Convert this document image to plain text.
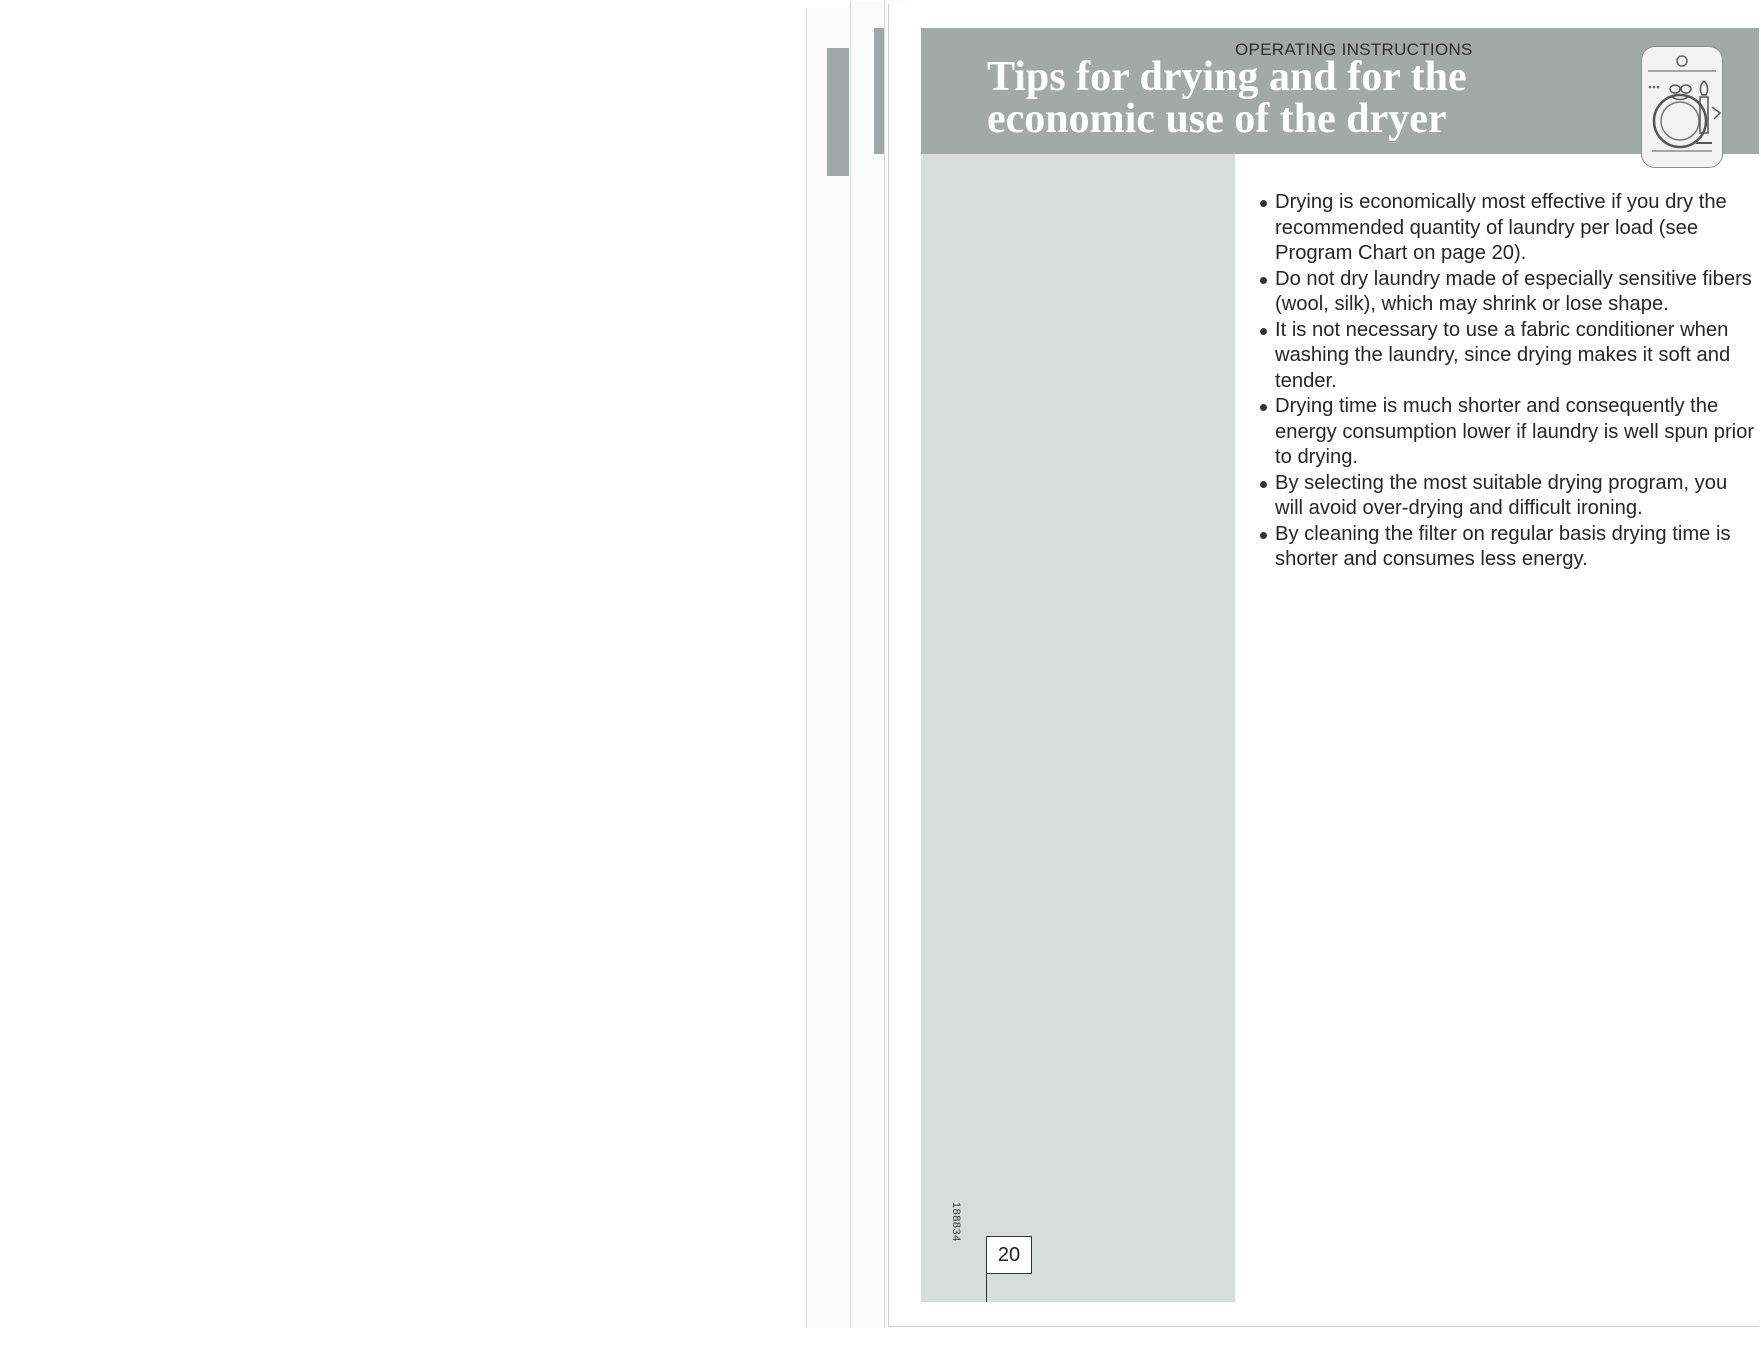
OPERATING INSTRUCTIONS
Tips for drying and for the economic use of the dryer
188834
20
Drying is economically most effective if you dry the recommended quantity of laundry per load (see Program Chart on page 20).
Do not dry laundry made of especially sensitive fibers (wool, silk), which may shrink or lose shape.
It is not necessary to use a fabric conditioner when washing the laundry, since drying makes it soft and tender.
Drying time is much shorter and consequently the energy consumption lower if laundry is well spun prior to drying.
By selecting the most suitable drying program, you will avoid over-drying and difficult ironing.
By cleaning the filter on regular basis drying time is shorter and consumes less energy.
